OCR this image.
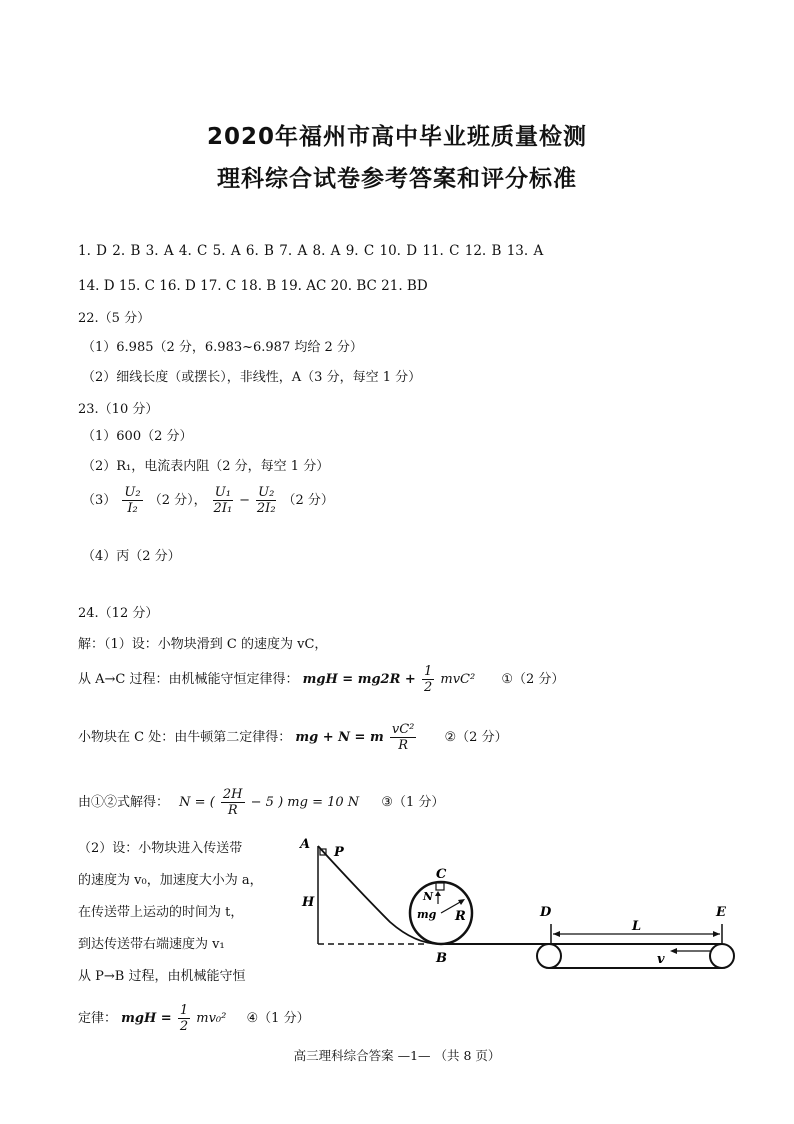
2020年福州市高中毕业班质量检测
理科综合试卷参考答案和评分标准
1. D 2. B 3. A 4. C 5. A 6. B 7. A 8. A 9. C 10. D 11. C 12. B 13. A
14. D 15. C 16. D 17. C 18. B 19. AC 20. BC 21. BD
22.（5 分）
（1）6.985（2 分，6.983~6.987 均给 2 分）
（2）细线长度（或摆长），非线性，A（3 分，每空 1 分）
23.（10 分）
（1）600（2 分）
（2）R₁，电流表内阻（2 分，每空 1 分）
$(3) \frac{\text{U₂}}{\text{I₂}} (2$ 分）， $\frac{\text{U₁}}{\text{2I₁}} - \frac{\text{U₂}}{\text{2I₂}} (2$ 分）
（4）丙（2 分）
24.（12 分）
解：（1）设：小物块滑到 C 的速度为 vC，
从 A→C 过程：由机械能守恒定律得： mgH = $mg2R + \frac{1}{2} mvC^2$ ①（2 分）
小物块在 C 处：由牛顿第二定律得： mg + N = m $\frac{\text{vC²}}{R}$ ②（2 分）
由①②式解得： N = ( $\frac{2H}{R} - 5$ ) mg = 10 N ③（1 分）
（2）设：小物块进入传送带
的速度为 v₀，加速度大小为 a，
在传送带上运动的时间为 t，
到达传送带右端速度为 v₁
从 P→B 过程，由机械能守恒
定律： mgH = $\frac{1}{2} mv_0^2$ ④（1 分）
A
P
H
C
N
mg R
B
D	E
L
v
高三理科综合答案 —1— （共 8 页）
